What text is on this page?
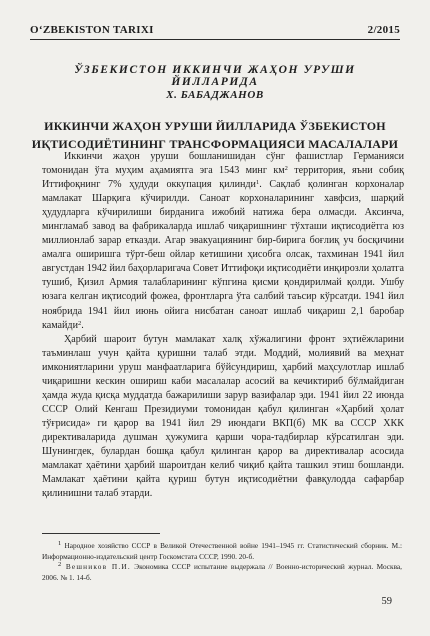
O‘ZBEKISTON TARIXI	2/2015
ЎЗБЕКИСТОН ИККИНЧИ ЖАҲОН УРУШИ ЙИЛЛАРИДА
Х. БАБАДЖАНОВ
ИККИНЧИ ЖАҲОН УРУШИ ЙИЛЛАРИДА ЎЗБЕКИСТОН
ИҚТИСОДИЁТИНИНГ ТРАНСФОРМАЦИЯСИ МАСАЛАЛАРИ

Иккинчи жаҳон уруши бошланишидан сўнг фашистлар Германияси томонидан ўта муҳим аҳамиятга эга 1543 минг $км^2$ территория, яъни собиқ Иттифоқнинг 7% ҳудуди оккупация қилинди$^1$. Сақлаб қолинган корхоналар мамлакат Шарқига кўчирилди. Саноат корхоналарининг хавфсиз, шарқий ҳудудларга кўчирилиши бирданига ижобий натижа бера олмасди. Аксинча, мингламаб завод ва фабрикаларда ишлаб чиқаришнинг тўхташи иқтисодиётга юз миллионлаб зарар етказди. Агар эвакуациянинг бир-бирига боғлиқ уч босқичини амалга оширишга тўрт-беш ойлар кетишини ҳисобга олсак, тахминан 1941 йил августдан 1942 йил баҳорларигача Совет Иттифоқи иқтисодиёти инқирозли ҳолатга тушиб, Қизил Армия талабларининг кўпгина қисми қондирилмай қолди. Ушбу юзага келган иқтисодий фожеа, фронтларга ўта салбий таъсир кўрсатди. 1941 йил ноябрида 1941 йил июнь ойига нисбатан саноат ишлаб чиқариш 2,1 баробар камайди$^2$.

Ҳарбий шароит бутун мамлакат халқ хўжалигини фронт эҳтиёжларини таъминлаш учун қайта қуришни талаб этди. Моддий, молиявий ва меҳнат имкониятларини уруш манфаатларига бўйсундириш, ҳарбий маҳсулотлар ишлаб чиқаришни кескин ошириш каби масалалар асосий ва кечиктириб бўлмайдиган ҳамда жуда қисқа муддатда бажарилиши зарур вазифалар эди. 1941 йил 22 июнда СССР Олий Кенгаш Президиуми томонидан қабул қилинган «Ҳарбий ҳолат тўғрисида» ги қарор ва 1941 йил 29 июндаги ВКП(б) МК ва СССР ХКК директиваларида душман ҳужумига қарши чора-тадбирлар кўрсатилган эди. Шунингдек, булардан бошқа қабул қилинган қарор ва директивалар асосида мамлакат ҳаётини ҳарбий шароитдан келиб чиқиб қайта ташкил этиш бошланди. Мамлакат ҳаётини қайта қуриш бутун иқтисодиётни фавқулодда сафарбар қилинишни талаб этарди.

$^1$ Народное хозяйство СССР в Великой Отечественной войне 1941–1945 гг. Статистический сборник. М.: Информационно-издательский центр Госкомстата СССР, 1990. 20-б.

$^2$ Вешников П.И. Экономика СССР испытание выдержала // Военно-исторический журнал. Москва, 2006. № 1. 14-б.

59
